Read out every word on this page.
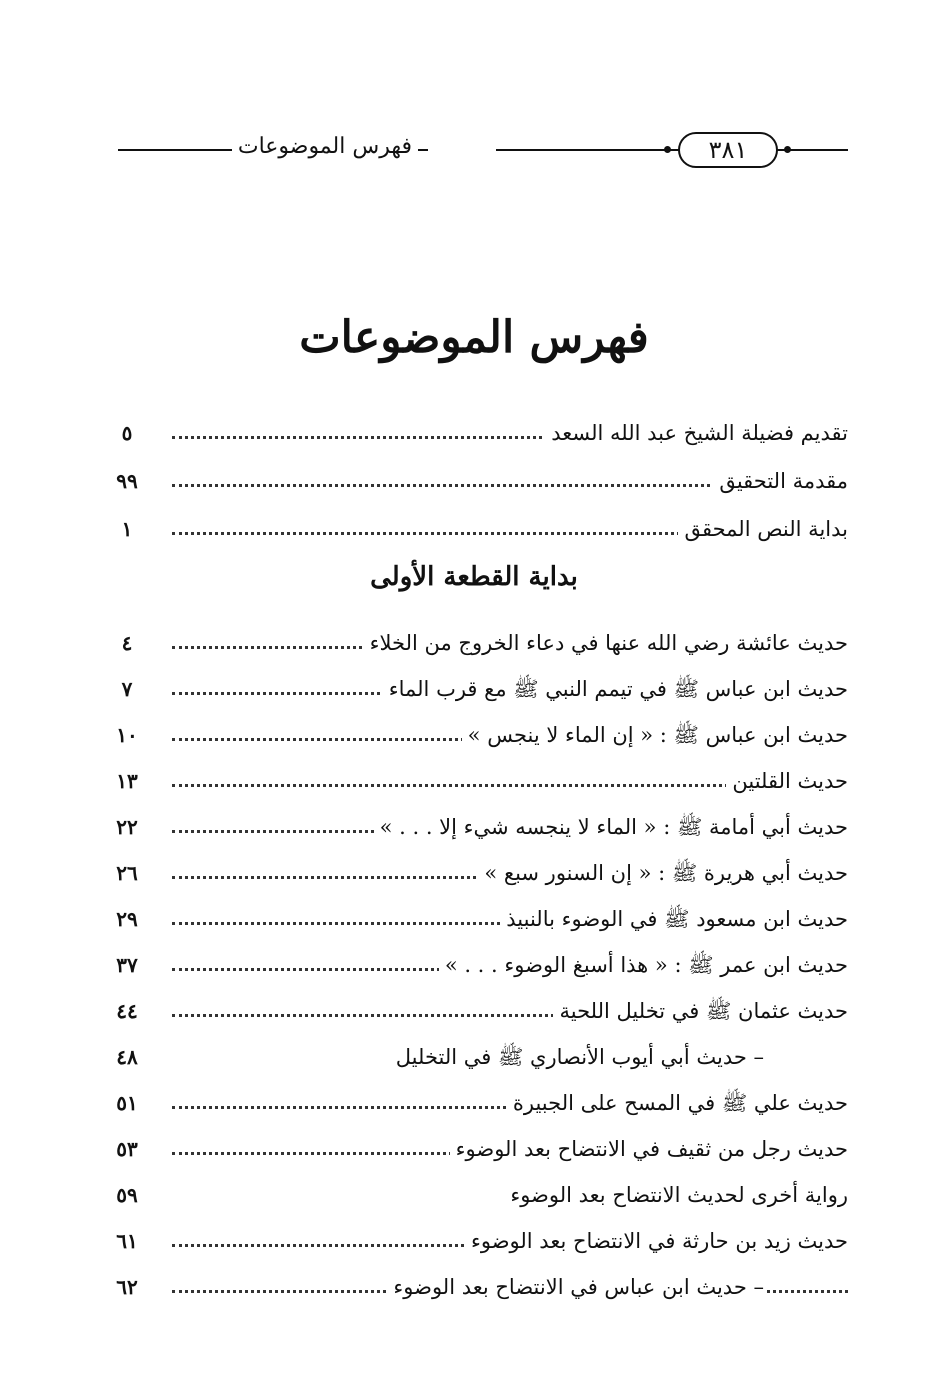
فهرس الموضوعات	٣٨١
فهرس الموضوعات
تقديم فضيلة الشيخ عبد الله السعد
٥
مقدمة التحقيق
٩٩
بداية النص المحقق
١
بداية القطعة الأولى
حديث عائشة رضي الله عنها في دعاء الخروج من الخلاء
٤
حديث ابن عباس ﷺ في تيمم النبي ﷺ مع قرب الماء
٧
حديث ابن عباس ﷺ : « إن الماء لا ينجس »
١٠
حديث القلتين
١٣
حديث أبي أمامة ﷺ : « الماء لا ينجسه شيء إلا . . . »
٢٢
حديث أبي هريرة ﷺ : « إن السنور سبع »
٢٦
حديث ابن مسعود ﷺ في الوضوء بالنبيذ
٢٩
حديث ابن عمر ﷺ : « هذا أسبغ الوضوء . . . »
٣٧
حديث عثمان ﷺ في تخليل اللحية
٤٤
– حديث أبي أيوب الأنصاري ﷺ في التخليل
٤٨
حديث علي ﷺ في المسح على الجبيرة
٥١
حديث رجل من ثقيف في الانتضاح بعد الوضوء
٥٣
رواية أخرى لحديث الانتضاح بعد الوضوء
٥٩
حديث زيد بن حارثة في الانتضاح بعد الوضوء
٦١
– حديث ابن عباس في الانتضاح بعد الوضوء
٦٢
